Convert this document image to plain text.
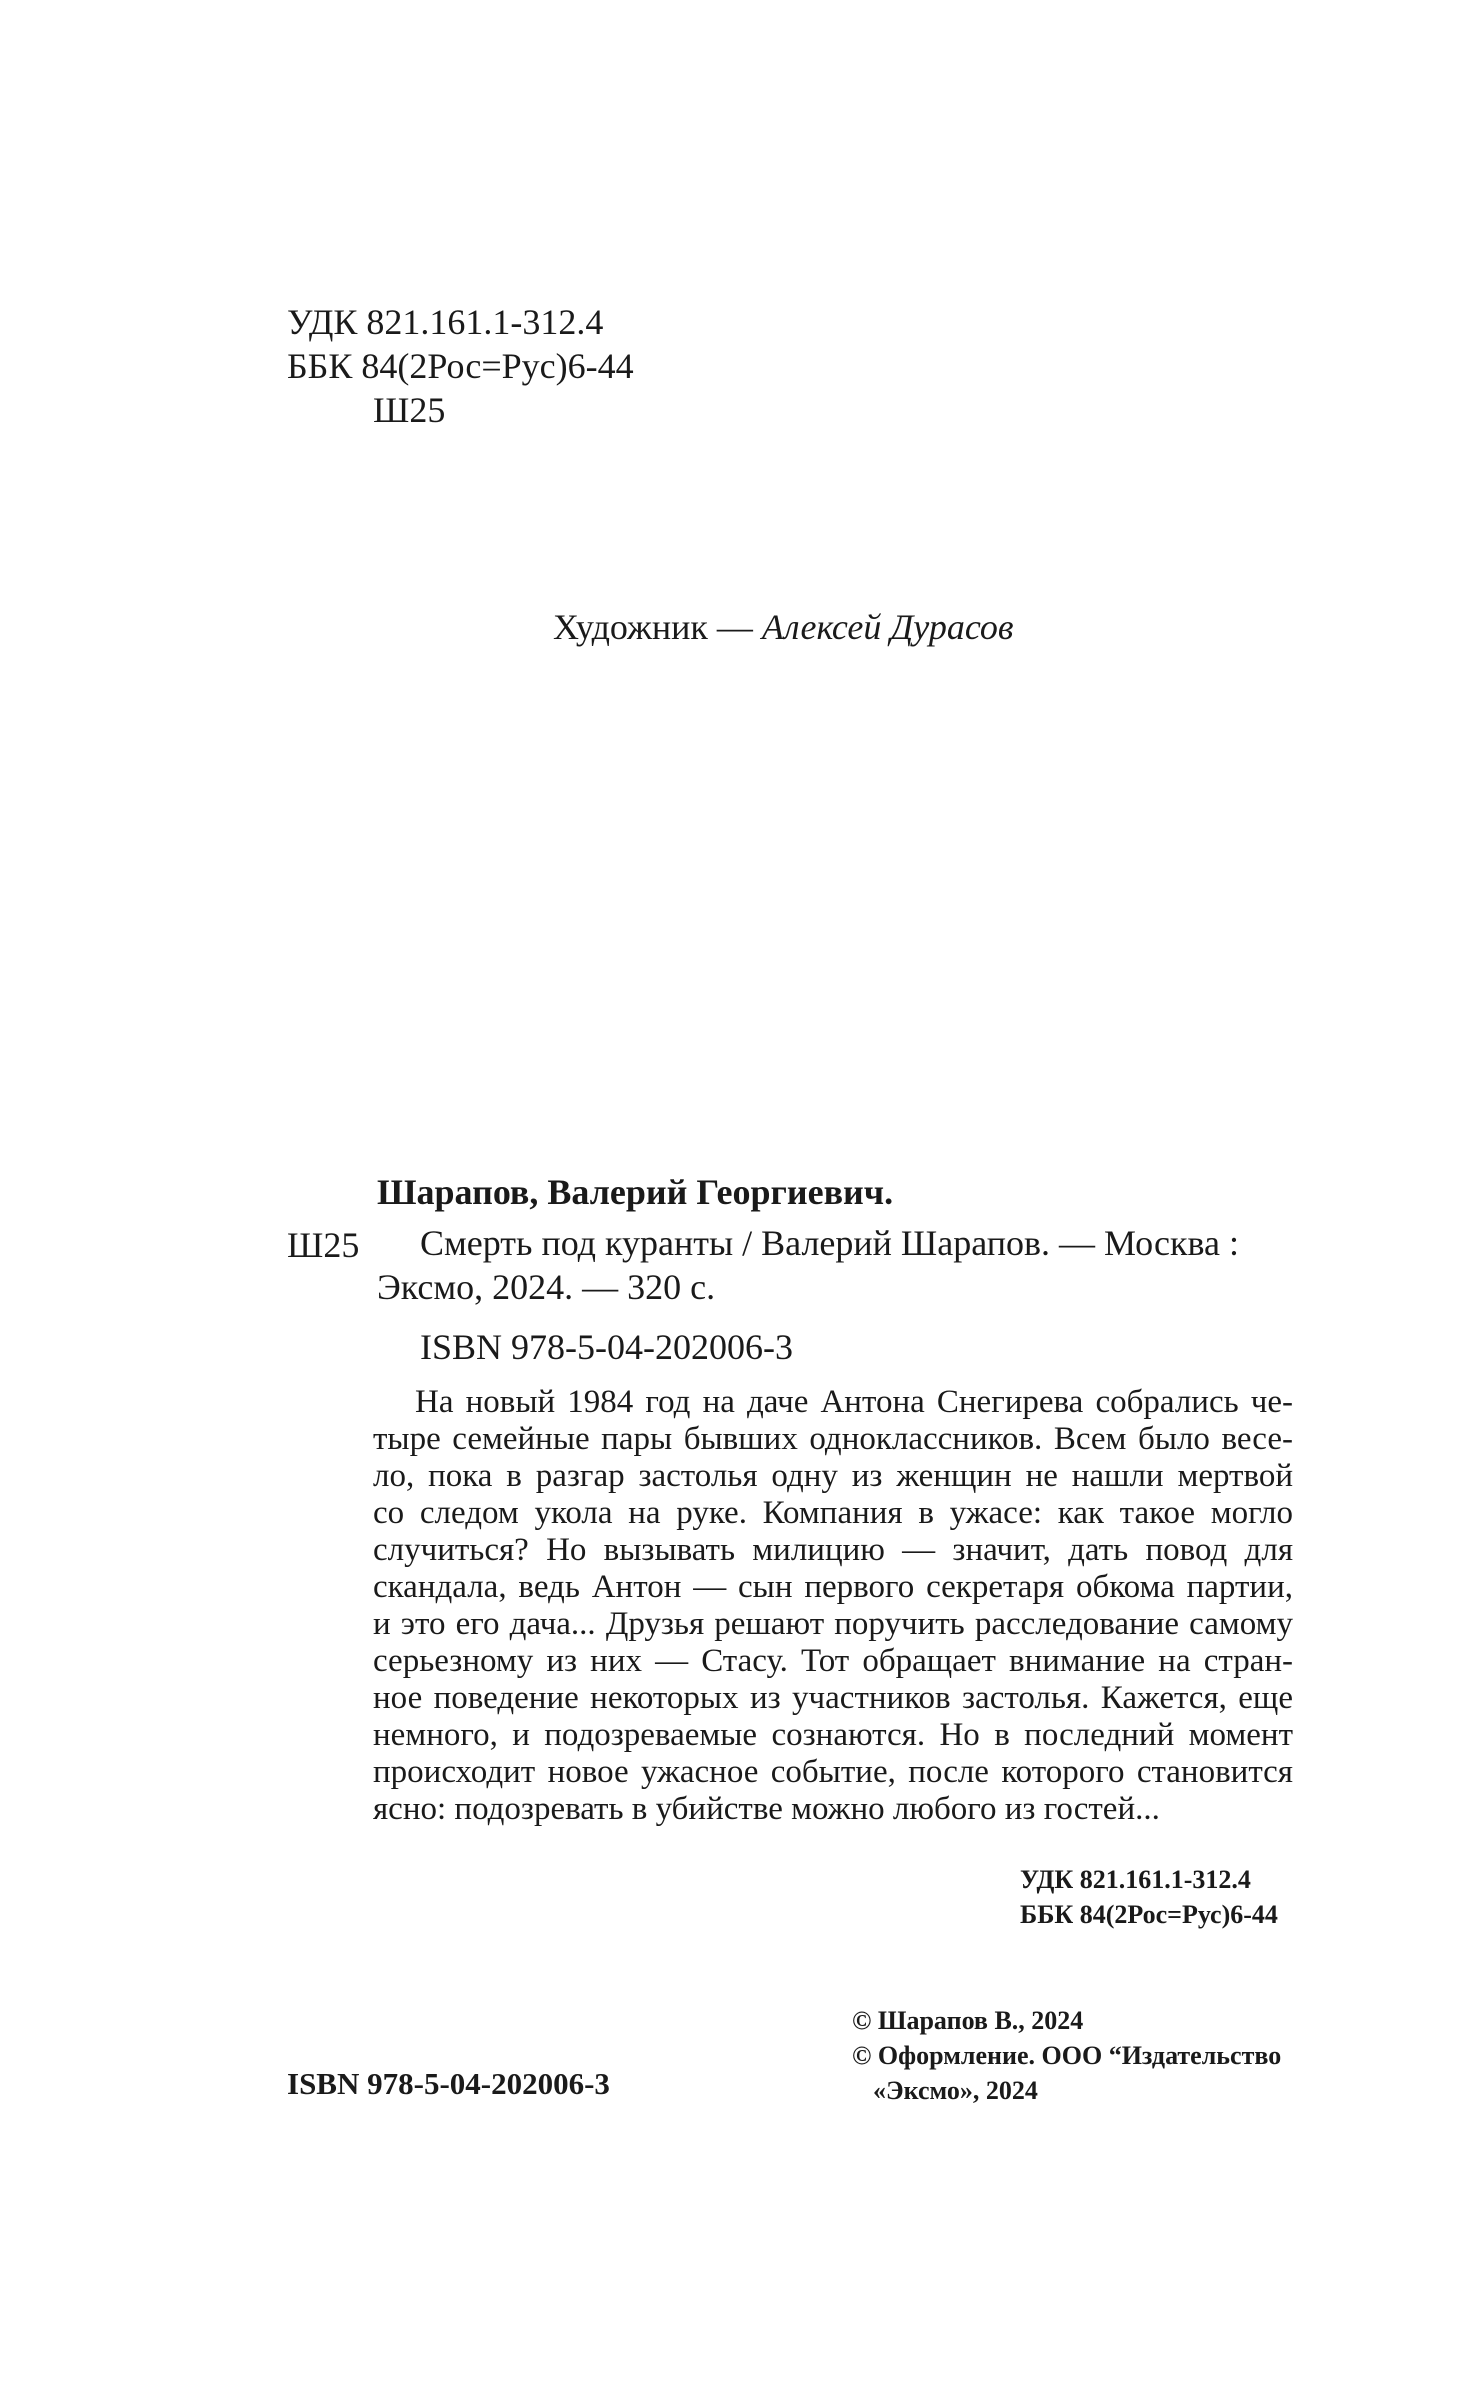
УДК 821.161.1-312.4
ББК 84(2Рос=Рус)6-44
Ш25
Художник — Алексей Дурасов
Шарапов, Валерий Георгиевич.
Ш25 Смерть под куранты / Валерий Шарапов. — Москва :
Эксмо, 2024. — 320 с.
ISBN 978-5-04-202006-3
На новый 1984 год на даче Антона Снегирева собрались че-
тыре семейные пары бывших одноклассников. Всем было весе-
ло, пока в разгар застолья одну из женщин не нашли мертвой
со следом укола на руке. Компания в ужасе: как такое могло
случиться? Но вызывать милицию — значит, дать повод для
скандала, ведь Антон — сын первого секретаря обкома партии,
и это его дача... Друзья решают поручить расследование самому
серьезному из них — Стасу. Тот обращает внимание на стран-
ное поведение некоторых из участников застолья. Кажется, еще
немного, и подозреваемые сознаются. Но в последний момент
происходит новое ужасное событие, после которого становится
ясно: подозревать в убийстве можно любого из гостей...
УДК 821.161.1-312.4
ББК 84(2Рос=Рус)6-44
ISBN 978-5-04-202006-3
© Шарапов В., 2024
© Оформление. ООО “Издательство
«Эксмо», 2024
